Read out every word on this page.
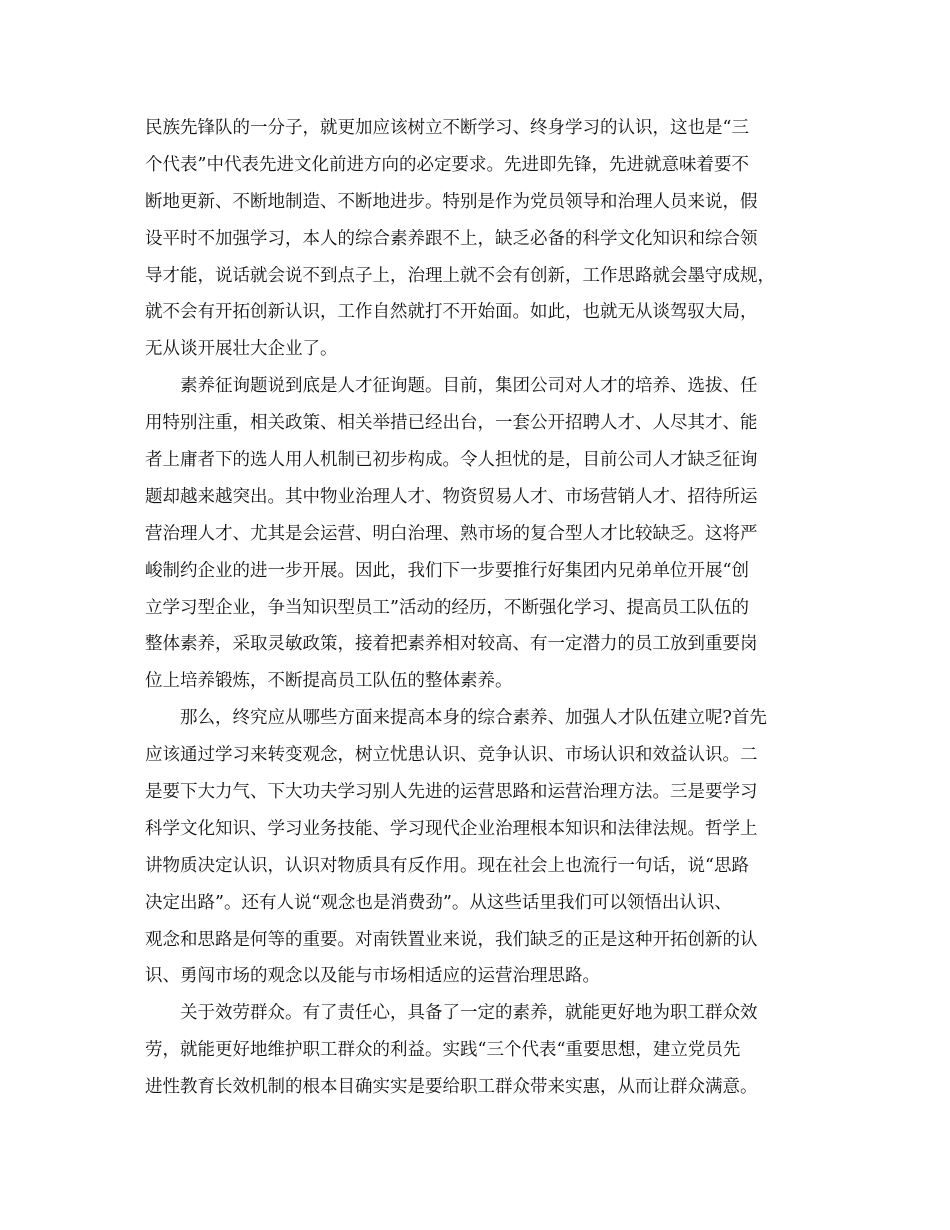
民族先锋队的一分子，就更加应该树立不断学习、终身学习的认识，这也是“三
个代表”中代表先进文化前进方向的必定要求。先进即先锋，先进就意味着要不
断地更新、不断地制造、不断地进步。特别是作为党员领导和治理人员来说，假
设平时不加强学习，本人的综合素养跟不上，缺乏必备的科学文化知识和综合领
导才能，说话就会说不到点子上，治理上就不会有创新，工作思路就会墨守成规，
就不会有开拓创新认识，工作自然就打不开始面。如此，也就无从谈驾驭大局，
无从谈开展壮大企业了。
素养征询题说到底是人才征询题。目前，集团公司对人才的培养、选拔、任
用特别注重，相关政策、相关举措已经出台，一套公开招聘人才、人尽其才、能
者上庸者下的选人用人机制已初步构成。令人担忧的是，目前公司人才缺乏征询
题却越来越突出。其中物业治理人才、物资贸易人才、市场营销人才、招待所运
营治理人才、尤其是会运营、明白治理、熟市场的复合型人才比较缺乏。这将严
峻制约企业的进一步开展。因此，我们下一步要推行好集团内兄弟单位开展“创
立学习型企业，争当知识型员工”活动的经历，不断强化学习、提高员工队伍的
整体素养，采取灵敏政策，接着把素养相对较高、有一定潜力的员工放到重要岗
位上培养锻炼，不断提高员工队伍的整体素养。
那么，终究应从哪些方面来提高本身的综合素养、加强人才队伍建立呢?首先
应该通过学习来转变观念，树立忧患认识、竞争认识、市场认识和效益认识。二
是要下大力气、下大功夫学习别人先进的运营思路和运营治理方法。三是要学习
科学文化知识、学习业务技能、学习现代企业治理根本知识和法律法规。哲学上
讲物质决定认识，认识对物质具有反作用。现在社会上也流行一句话，说“思路
决定出路”。还有人说“观念也是消费劲”。从这些话里我们可以领悟出认识、
观念和思路是何等的重要。对南铁置业来说，我们缺乏的正是这种开拓创新的认
识、勇闯市场的观念以及能与市场相适应的运营治理思路。
关于效劳群众。有了责任心，具备了一定的素养，就能更好地为职工群众效
劳，就能更好地维护职工群众的利益。实践“三个代表“重要思想，建立党员先
进性教育长效机制的根本目确实实是要给职工群众带来实惠，从而让群众满意。
